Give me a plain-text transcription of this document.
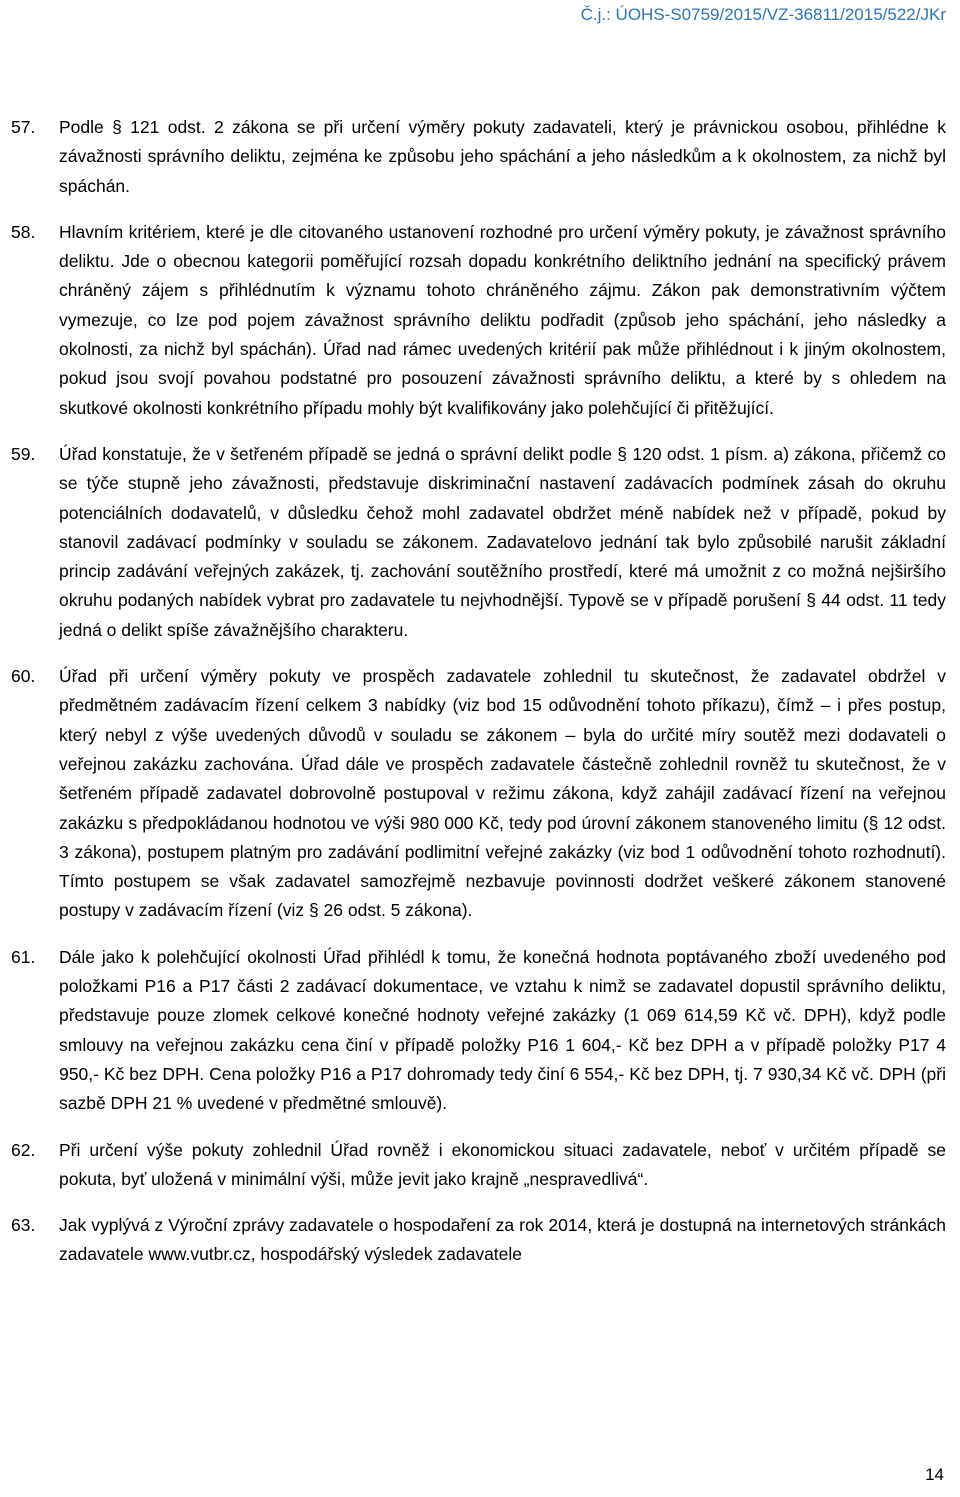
Č.j.: ÚOHS-S0759/2015/VZ-36811/2015/522/JKr
57.	Podle § 121 odst. 2 zákona se při určení výměry pokuty zadavateli, který je právnickou osobou, přihlédne k závažnosti správního deliktu, zejména ke způsobu jeho spáchání a jeho následkům a k okolnostem, za nichž byl spáchán.
58.	Hlavním kritériem, které je dle citovaného ustanovení rozhodné pro určení výměry pokuty, je závažnost správního deliktu. Jde o obecnou kategorii poměřující rozsah dopadu konkrétního deliktního jednání na specifický právem chráněný zájem s přihlédnutím k významu tohoto chráněného zájmu. Zákon pak demonstrativním výčtem vymezuje, co lze pod pojem závažnost správního deliktu podřadit (způsob jeho spáchání, jeho následky a okolnosti, za nichž byl spáchán). Úřad nad rámec uvedených kritérií pak může přihlédnout i k jiným okolnostem, pokud jsou svojí povahou podstatné pro posouzení závažnosti správního deliktu, a které by s ohledem na skutkové okolnosti konkrétního případu mohly být kvalifikovány jako polehčující či přitěžující.
59.	Úřad konstatuje, že v šetřeném případě se jedná o správní delikt podle § 120 odst. 1 písm. a) zákona, přičemž co se týče stupně jeho závažnosti, představuje diskriminační nastavení zadávacích podmínek zásah do okruhu potenciálních dodavatelů, v důsledku čehož mohl zadavatel obdržet méně nabídek než v případě, pokud by stanovil zadávací podmínky v souladu se zákonem. Zadavatelovo jednání tak bylo způsobilé narušit základní princip zadávání veřejných zakázek, tj. zachování soutěžního prostředí, které má umožnit z co možná nejširšího okruhu podaných nabídek vybrat pro zadavatele tu nejvhodnější. Typově se v případě porušení § 44 odst. 11 tedy jedná o delikt spíše závažnějšího charakteru.
60.	Úřad při určení výměry pokuty ve prospěch zadavatele zohlednil tu skutečnost, že zadavatel obdržel v předmětném zadávacím řízení celkem 3 nabídky (viz bod 15 odůvodnění tohoto příkazu), čímž – i přes postup, který nebyl z výše uvedených důvodů v souladu se zákonem – byla do určité míry soutěž mezi dodavateli o veřejnou zakázku zachována. Úřad dále ve prospěch zadavatele částečně zohlednil rovněž tu skutečnost, že v šetřeném případě zadavatel dobrovolně postupoval v režimu zákona, když zahájil zadávací řízení na veřejnou zakázku s předpokládanou hodnotou ve výši 980 000 Kč, tedy pod úrovní zákonem stanoveného limitu (§ 12 odst. 3 zákona), postupem platným pro zadávání podlimitní veřejné zakázky (viz bod 1 odůvodnění tohoto rozhodnutí). Tímto postupem se však zadavatel samozřejmě nezbavuje povinnosti dodržet veškeré zákonem stanovené postupy v zadávacím řízení (viz § 26 odst. 5 zákona).
61.	Dále jako k polehčující okolnosti Úřad přihlédl k tomu, že konečná hodnota poptávaného zboží uvedeného pod položkami P16 a P17 části 2 zadávací dokumentace, ve vztahu k nimž se zadavatel dopustil správního deliktu, představuje pouze zlomek celkové konečné hodnoty veřejné zakázky (1 069 614,59 Kč vč. DPH), když podle smlouvy na veřejnou zakázku cena činí v případě položky P16 1 604,- Kč bez DPH a v případě položky P17 4 950,- Kč bez DPH. Cena položky P16 a P17 dohromady tedy činí 6 554,- Kč bez DPH, tj. 7 930,34 Kč vč. DPH (při sazbě DPH 21 % uvedené v předmětné smlouvě).
62.	Při určení výše pokuty zohlednil Úřad rovněž i ekonomickou situaci zadavatele, neboť v určitém případě se pokuta, byť uložená v minimální výši, může jevit jako krajně „nespravedlivá“.
63.	Jak vyplývá z Výroční zprávy zadavatele o hospodaření za rok 2014, která je dostupná na internetových stránkách zadavatele www.vutbr.cz, hospodářský výsledek zadavatele
14
